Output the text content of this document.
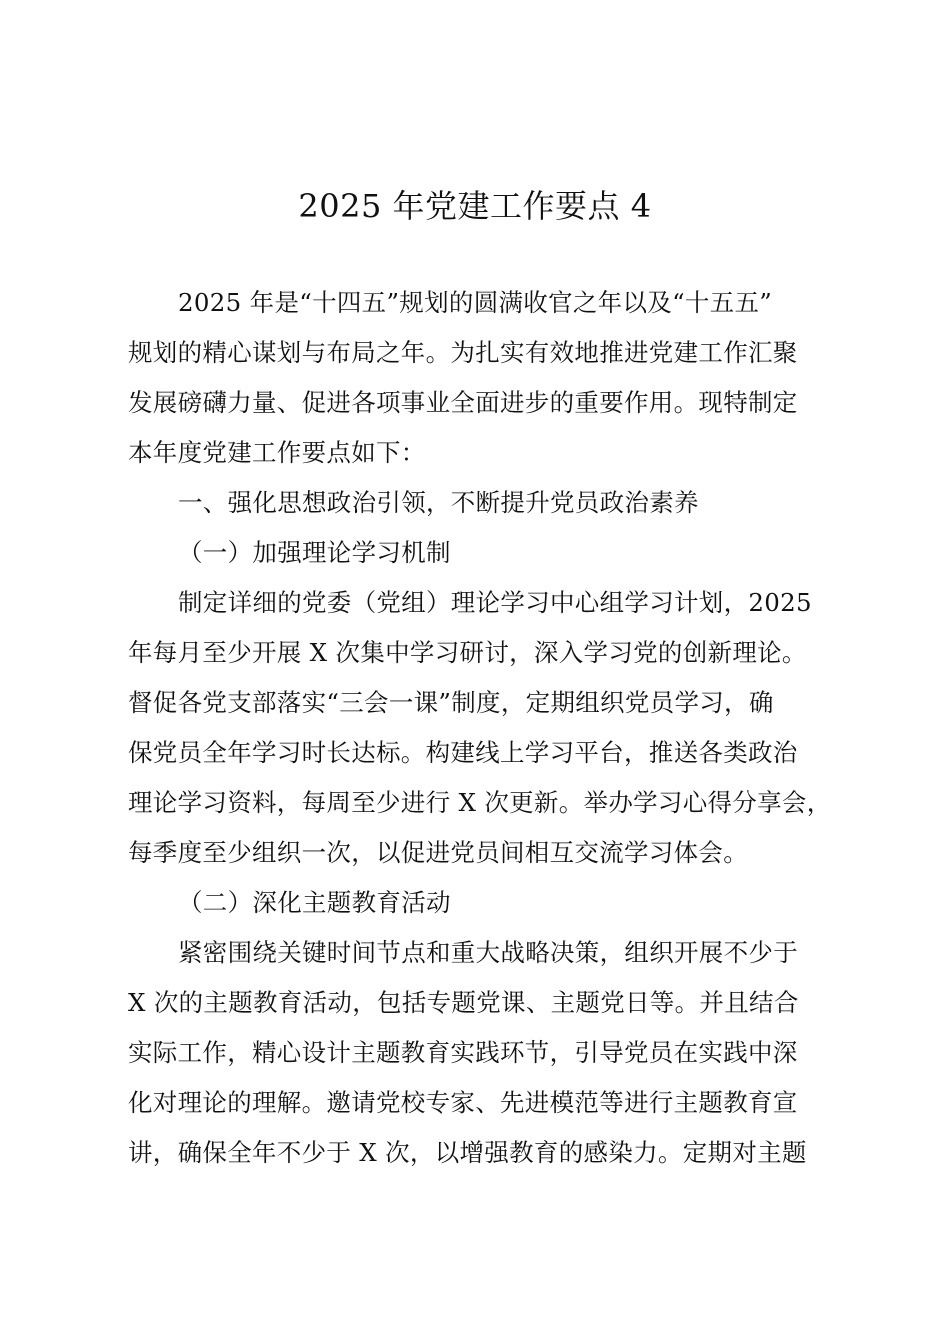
2025 年党建工作要点 4
2025 年是“十四五”规划的圆满收官之年以及“十五五”
规划的精心谋划与布局之年。为扎实有效地推进党建工作汇聚
发展磅礴力量、促进各项事业全面进步的重要作用。现特制定
本年度党建工作要点如下：
一、强化思想政治引领，不断提升党员政治素养
（一）加强理论学习机制
制定详细的党委（党组）理论学习中心组学习计划，2025
年每月至少开展 X 次集中学习研讨，深入学习党的创新理论。
督促各党支部落实“三会一课”制度，定期组织党员学习，确
保党员全年学习时长达标。构建线上学习平台，推送各类政治
理论学习资料，每周至少进行 X 次更新。举办学习心得分享会，
每季度至少组织一次，以促进党员间相互交流学习体会。
（二）深化主题教育活动
紧密围绕关键时间节点和重大战略决策，组织开展不少于
X 次的主题教育活动，包括专题党课、主题党日等。并且结合
实际工作，精心设计主题教育实践环节，引导党员在实践中深
化对理论的理解。邀请党校专家、先进模范等进行主题教育宣
讲，确保全年不少于 X 次，以增强教育的感染力。定期对主题
